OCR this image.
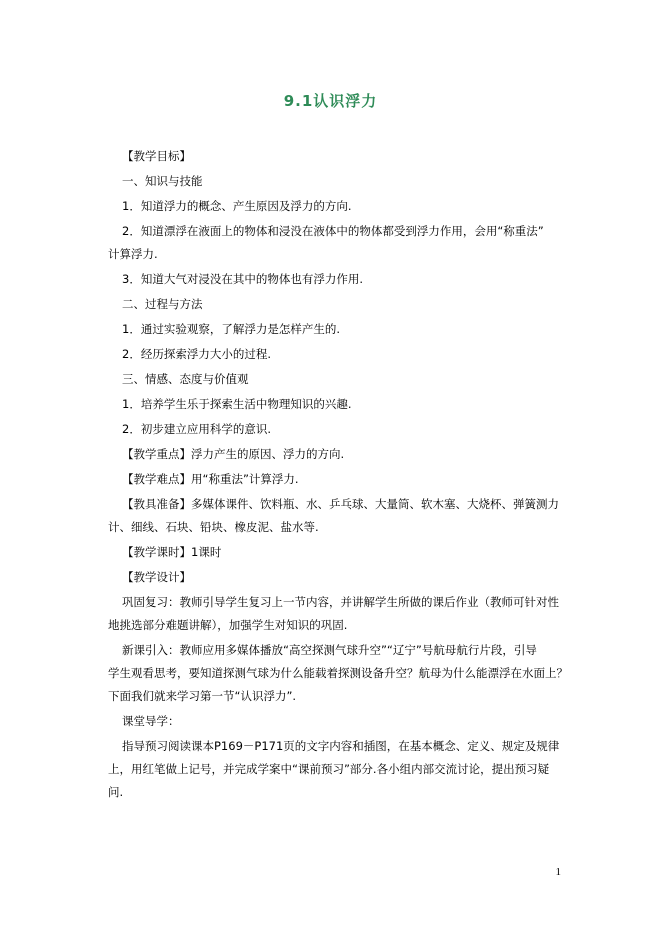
9.1认识浮力

【教学目标】

一、知识与技能

1．知道浮力的概念、产生原因及浮力的方向.

2．知道漂浮在液面上的物体和浸没在液体中的物体都受到浮力作用，会用“称重法”

计算浮力.

3．知道大气对浸没在其中的物体也有浮力作用.

二、过程与方法

1．通过实验观察，了解浮力是怎样产生的.

2．经历探索浮力大小的过程.

三、情感、态度与价值观

1．培养学生乐于探索生活中物理知识的兴趣.

2．初步建立应用科学的意识.

【教学重点】浮力产生的原因、浮力的方向.

【教学难点】用“称重法”计算浮力.

【教具准备】多媒体课件、饮料瓶、水、乒乓球、大量筒、软木塞、大烧杯、弹簧测力

计、细线、石块、铅块、橡皮泥、盐水等.

【教学课时】1课时

【教学设计】

巩固复习：教师引导学生复习上一节内容，并讲解学生所做的课后作业（教师可针对性

地挑选部分难题讲解），加强学生对知识的巩固.

新课引入：教师应用多媒体播放“高空探测气球升空”“辽宁”号航母航行片段，引导

学生观看思考，要知道探测气球为什么能载着探测设备升空？航母为什么能漂浮在水面上？

下面我们就来学习第一节“认识浮力”.

课堂导学：

指导预习阅读课本P169－P171页的文字内容和插图，在基本概念、定义、规定及规律

上，用红笔做上记号，并完成学案中“课前预习”部分.各小组内部交流讨论，提出预习疑

问.

1
